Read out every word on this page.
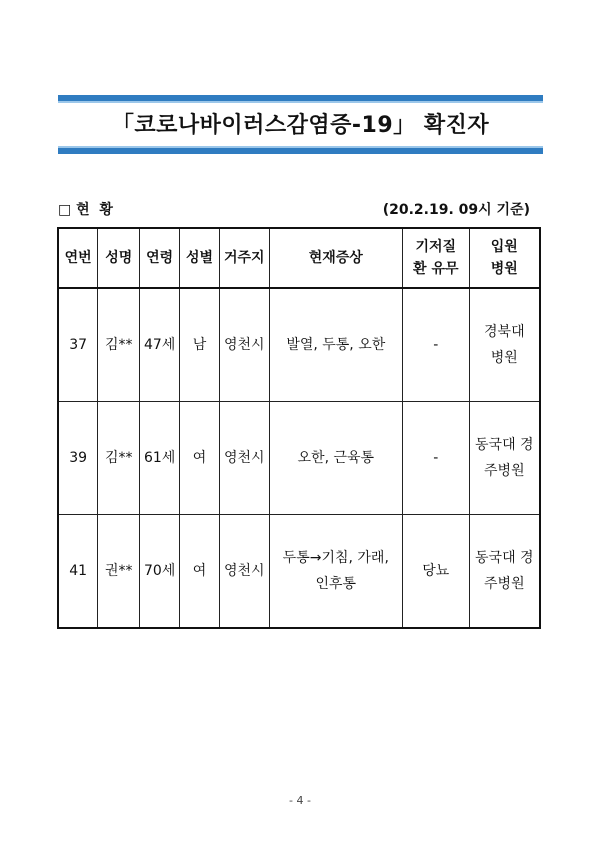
「코로나바이러스감염증-19」 확진자
□ 현  황	(20.2.19. 09시 기준)
연번	성명	연령	성별	거주지	현재증상	기저질환 유무	입원 병원
37	김**	47세	남	영천시	발열, 두통, 오한	-	경북대 병원
39	김**	61세	여	영천시	오한, 근육통	-	동국대 경주병원
41	권**	70세	여	영천시	두통→기침, 가래, 인후통	당뇨	동국대 경주병원
- 4 -
